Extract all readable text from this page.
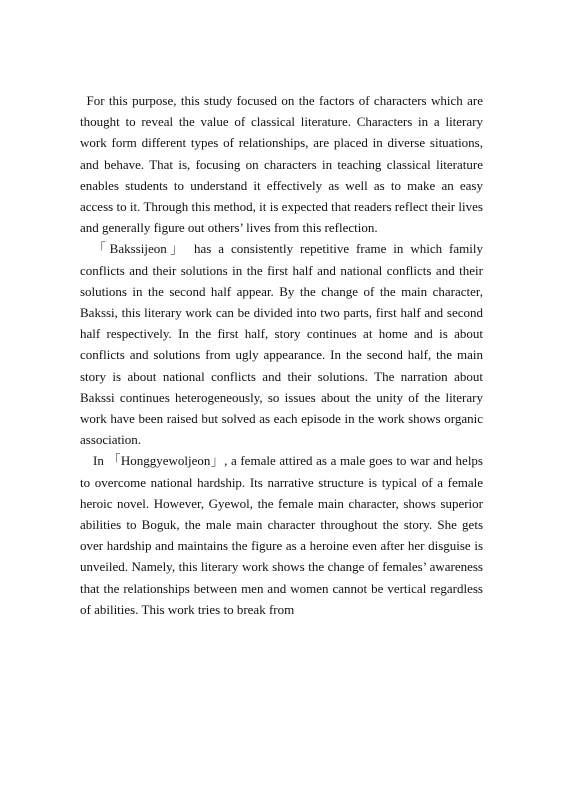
For this purpose, this study focused on the factors of characters which are thought to reveal the value of classical literature. Characters in a literary work form different types of relationships, are placed in diverse situations, and behave. That is, focusing on characters in teaching classical literature enables students to understand it effectively as well as to make an easy access to it. Through this method, it is expected that readers reflect their lives and generally figure out others’ lives from this reflection.

「Bakssijeon」 has a consistently repetitive frame in which family conflicts and their solutions in the first half and national conflicts and their solutions in the second half appear. By the change of the main character, Bakssi, this literary work can be divided into two parts, first half and second half respectively. In the first half, story continues at home and is about conflicts and solutions from ugly appearance. In the second half, the main story is about national conflicts and their solutions. The narration about Bakssi continues heterogeneously, so issues about the unity of the literary work have been raised but solved as each episode in the work shows organic association.

In 「Honggyewoljeon」, a female attired as a male goes to war and helps to overcome national hardship. Its narrative structure is typical of a female heroic novel. However, Gyewol, the female main character, shows superior abilities to Boguk, the male main character throughout the story. She gets over hardship and maintains the figure as a heroine even after her disguise is unveiled. Namely, this literary work shows the change of females’ awareness that the relationships between men and women cannot be vertical regardless of abilities. This work tries to break from
